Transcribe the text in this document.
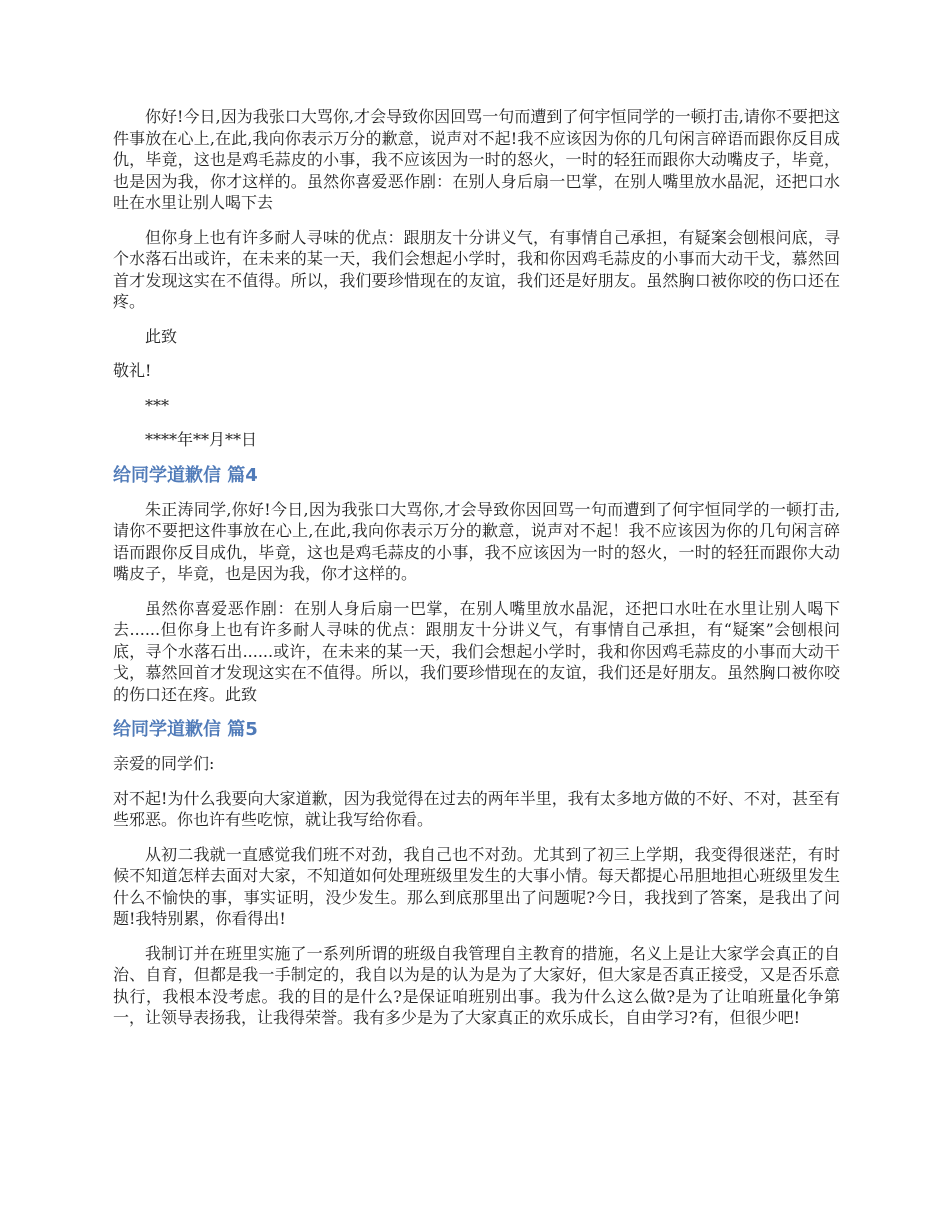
你好!今日,因为我张口大骂你,才会导致你因回骂一句而遭到了何宇恒同学的一顿打击,请你不要把这件事放在心上,在此,我向你表示万分的歉意，说声对不起!我不应该因为你的几句闲言碎语而跟你反目成仇，毕竟，这也是鸡毛蒜皮的小事，我不应该因为一时的怒火，一时的轻狂而跟你大动嘴皮子，毕竟，也是因为我，你才这样的。虽然你喜爱恶作剧：在别人身后扇一巴掌，在别人嘴里放水晶泥，还把口水吐在水里让别人喝下去

但你身上也有许多耐人寻味的优点：跟朋友十分讲义气，有事情自己承担，有疑案会刨根问底，寻个水落石出或许，在未来的某一天，我们会想起小学时，我和你因鸡毛蒜皮的小事而大动干戈，慕然回首才发现这实在不值得。所以，我们要珍惜现在的友谊，我们还是好朋友。虽然胸口被你咬的伤口还在疼。

此致

敬礼!

***

****年**月**日

给同学道歉信 篇4

朱正涛同学,你好!今日,因为我张口大骂你,才会导致你因回骂一句而遭到了何宇恒同学的一顿打击,请你不要把这件事放在心上,在此,我向你表示万分的歉意，说声对不起！我不应该因为你的几句闲言碎语而跟你反目成仇，毕竟，这也是鸡毛蒜皮的小事，我不应该因为一时的怒火，一时的轻狂而跟你大动嘴皮子，毕竟，也是因为我，你才这样的。

虽然你喜爱恶作剧：在别人身后扇一巴掌，在别人嘴里放水晶泥，还把口水吐在水里让别人喝下去......但你身上也有许多耐人寻味的优点：跟朋友十分讲义气，有事情自己承担，有“疑案”会刨根问底，寻个水落石出......或许，在未来的某一天，我们会想起小学时，我和你因鸡毛蒜皮的小事而大动干戈，慕然回首才发现这实在不值得。所以，我们要珍惜现在的友谊，我们还是好朋友。虽然胸口被你咬的伤口还在疼。此致

给同学道歉信 篇5

亲爱的同学们:

对不起!为什么我要向大家道歉，因为我觉得在过去的两年半里，我有太多地方做的不好、不对，甚至有些邪恶。你也许有些吃惊，就让我写给你看。

从初二我就一直感觉我们班不对劲，我自己也不对劲。尤其到了初三上学期，我变得很迷茫，有时候不知道怎样去面对大家，不知道如何处理班级里发生的大事小情。每天都提心吊胆地担心班级里发生什么不愉快的事，事实证明，没少发生。那么到底那里出了问题呢?今日，我找到了答案，是我出了问题!我特别累，你看得出!

我制订并在班里实施了一系列所谓的班级自我管理自主教育的措施，名义上是让大家学会真正的自治、自育，但都是我一手制定的，我自以为是的认为是为了大家好，但大家是否真正接受，又是否乐意执行，我根本没考虑。我的目的是什么?是保证咱班别出事。我为什么这么做?是为了让咱班量化争第一，让领导表扬我，让我得荣誉。我有多少是为了大家真正的欢乐成长，自由学习?有，但很少吧!
